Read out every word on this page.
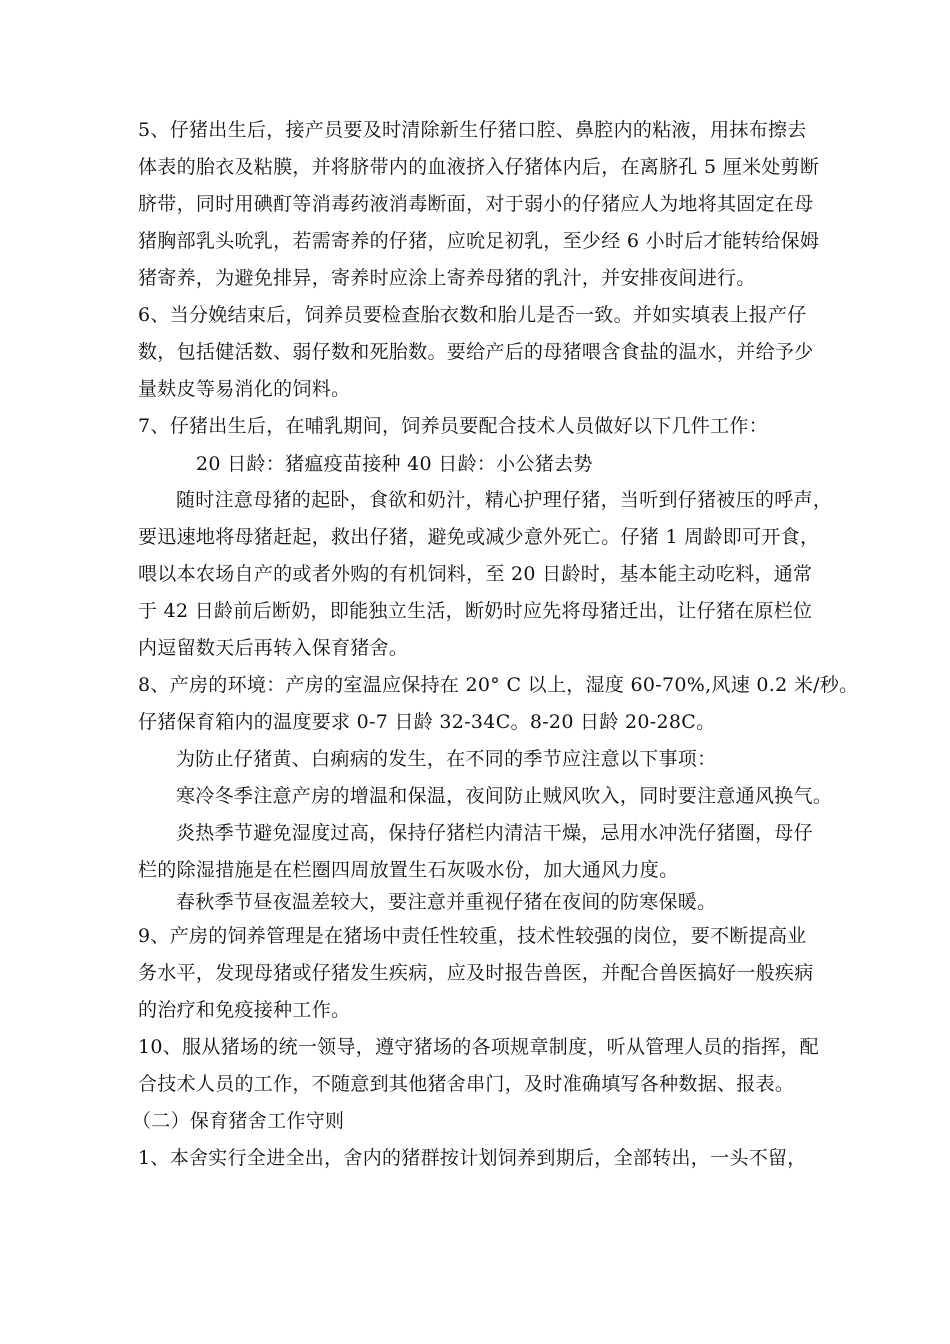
5、仔猪出生后，接产员要及时清除新生仔猪口腔、鼻腔内的粘液，用抹布擦去
体表的胎衣及粘膜，并将脐带内的血液挤入仔猪体内后，在离脐孔 5 厘米处剪断
脐带，同时用碘酊等消毒药液消毒断面，对于弱小的仔猪应人为地将其固定在母
猪胸部乳头吮乳，若需寄养的仔猪，应吮足初乳，至少经 6 小时后才能转给保姆
猪寄养，为避免排异，寄养时应涂上寄养母猪的乳汁，并安排夜间进行。
6、当分娩结束后，饲养员要检查胎衣数和胎儿是否一致。并如实填表上报产仔
数，包括健活数、弱仔数和死胎数。要给产后的母猪喂含食盐的温水，并给予少
量麸皮等易消化的饲料。
7、仔猪出生后，在哺乳期间，饲养员要配合技术人员做好以下几件工作：
20 日龄：猪瘟疫苗接种 40 日龄：小公猪去势
随时注意母猪的起卧，食欲和奶汁，精心护理仔猪，当听到仔猪被压的呼声，
要迅速地将母猪赶起，救出仔猪，避免或减少意外死亡。仔猪 1 周龄即可开食，
喂以本农场自产的或者外购的有机饲料，至 20 日龄时，基本能主动吃料，通常
于 42 日龄前后断奶，即能独立生活，断奶时应先将母猪迁出，让仔猪在原栏位
内逗留数天后再转入保育猪舍。
8、产房的环境：产房的室温应保持在 20° C 以上，湿度 60-70%,风速 0.2 米/秒。
仔猪保育箱内的温度要求 0-7 日龄 32-34C。8-20 日龄 20-28C。
为防止仔猪黄、白痢病的发生，在不同的季节应注意以下事项：
寒冷冬季注意产房的增温和保温，夜间防止贼风吹入，同时要注意通风换气。
炎热季节避免湿度过高，保持仔猪栏内清洁干燥，忌用水冲洗仔猪圈，母仔
栏的除湿措施是在栏圈四周放置生石灰吸水份，加大通风力度。
春秋季节昼夜温差较大，要注意并重视仔猪在夜间的防寒保暖。
9、产房的饲养管理是在猪场中责任性较重，技术性较强的岗位，要不断提高业
务水平，发现母猪或仔猪发生疾病，应及时报告兽医，并配合兽医搞好一般疾病
的治疗和免疫接种工作。
10、服从猪场的统一领导，遵守猪场的各项规章制度，听从管理人员的指挥，配
合技术人员的工作，不随意到其他猪舍串门，及时准确填写各种数据、报表。
（二）保育猪舍工作守则
1、本舍实行全进全出，舍内的猪群按计划饲养到期后，全部转出，一头不留，
